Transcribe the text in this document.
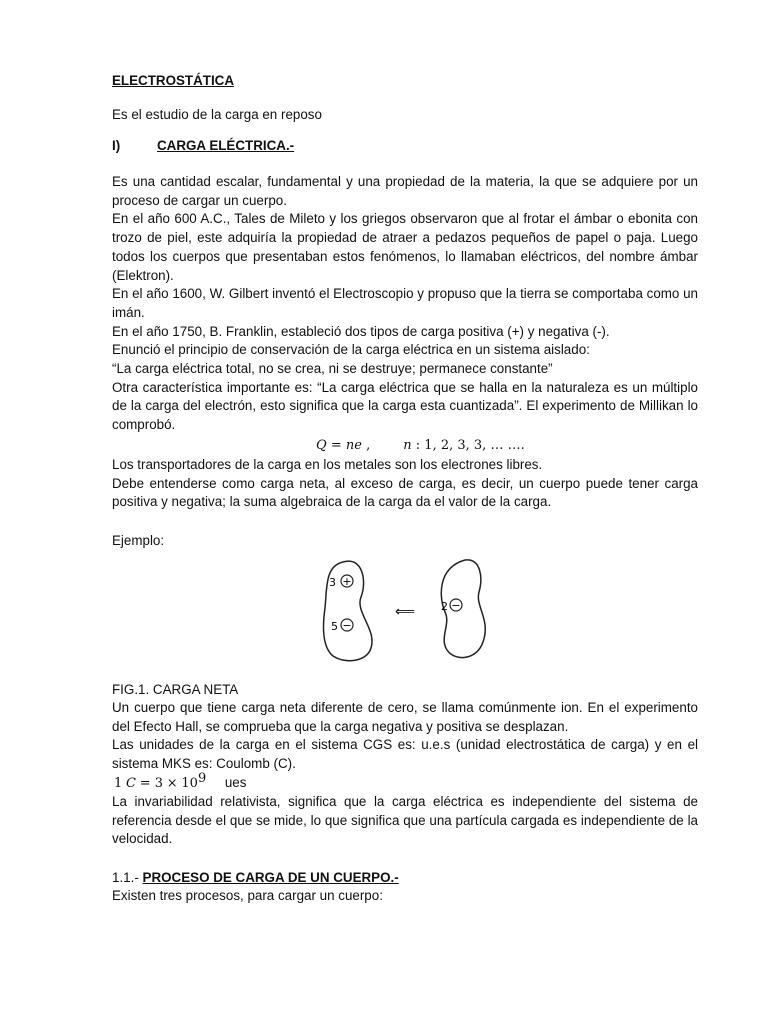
ELECTROSTÁTICA
Es el estudio de la carga en reposo
I)	CARGA ELÉCTRICA.-

Es una cantidad escalar, fundamental y una propiedad de la materia, la que se adquiere por un proceso de cargar un cuerpo.

En el año 600 A.C., Tales de Mileto y los griegos observaron que al frotar el ámbar o ebonita con trozo de piel, este adquiría la propiedad de atraer a pedazos pequeños de papel o paja. Luego todos los cuerpos que presentaban estos fenómenos, lo llamaban eléctricos, del nombre ámbar (Elektron).

En el año 1600, W. Gilbert inventó el Electroscopio y propuso que la tierra se comportaba como un imán.

En el año 1750, B. Franklin, estableció dos tipos de carga positiva (+) y negativa (-).

Enunció el principio de conservación de la carga eléctrica en un sistema aislado:

“La carga eléctrica total, no se crea, ni se destruye; permanece constante”

Otra característica importante es: “La carga eléctrica que se halla en la naturaleza es un múltiplo de la carga del electrón, esto significa que la carga esta cuantizada”. El experimento de Millikan lo comprobó.

Q = ne ,        n : 1, 2, 3, 3, … ….

Los transportadores de la carga en los metales son los electrones libres.

Debe entenderse como carga neta, al exceso de carga, es decir, un cuerpo puede tener carga positiva y negativa; la suma algebraica de la carga da el valor de la carga.

Ejemplo:
3 +
5 −
⟸ 2 −
FIG.1. CARGA NETA

Un cuerpo que tiene carga neta diferente de cero, se llama comúnmente ion. En el experimento del Efecto Hall, se comprueba que la carga negativa y positiva se desplazan.

Las unidades de la carga en el sistema CGS es: u.e.s (unidad electrostática de carga) y en el sistema MKS es: Coulomb (C).

1 $C = 3 \times 10^9$ ues

La invariabilidad relativista, significa que la carga eléctrica es independiente del sistema de referencia desde el que se mide, lo que significa que una partícula cargada es independiente de la velocidad.

1.1.- PROCESO DE CARGA DE UN CUERPO.-
Existen tres procesos, para cargar un cuerpo:
